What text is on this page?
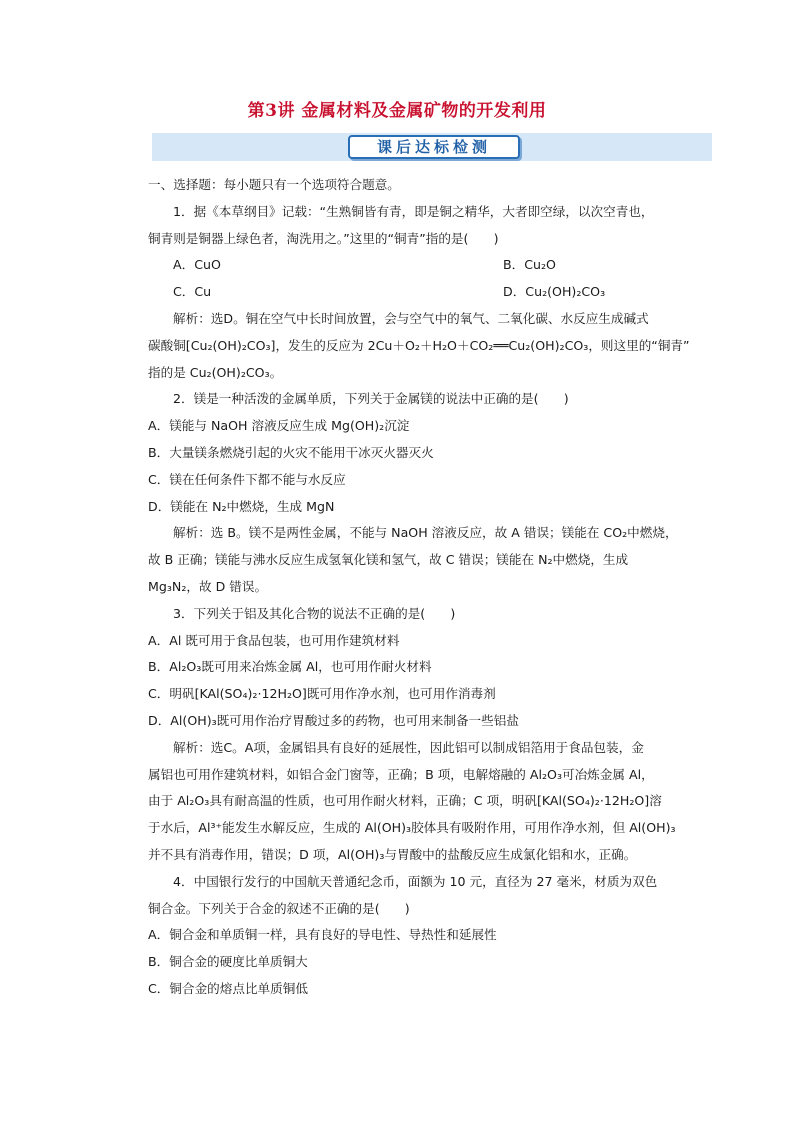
第3讲 金属材料及金属矿物的开发利用
课后达标检测
一、选择题：每小题只有一个选项符合题意。
1．据《本草纲目》记载：“生熟铜皆有青，即是铜之精华，大者即空绿，以次空青也，
铜青则是铜器上绿色者，淘洗用之。”这里的“铜青”指的是(　　)
A．CuO	B．Cu₂O
C．Cu	D．Cu₂(OH)₂CO₃
解析：选D。铜在空气中长时间放置，会与空气中的氧气、二氧化碳、水反应生成碱式
碳酸铜[Cu₂(OH)₂CO₃]，发生的反应为 2Cu＋O₂＋H₂O＋CO₂══Cu₂(OH)₂CO₃，则这里的“铜青”
指的是 Cu₂(OH)₂CO₃。
2．镁是一种活泼的金属单质，下列关于金属镁的说法中正确的是(　　)
A．镁能与 NaOH 溶液反应生成 Mg(OH)₂沉淀
B．大量镁条燃烧引起的火灾不能用干冰灭火器灭火
C．镁在任何条件下都不能与水反应
D．镁能在 N₂中燃烧，生成 MgN
解析：选 B。镁不是两性金属，不能与 NaOH 溶液反应，故 A 错误；镁能在 CO₂中燃烧，
故 B 正确；镁能与沸水反应生成氢氧化镁和氢气，故 C 错误；镁能在 N₂中燃烧，生成
Mg₃N₂，故 D 错误。
3．下列关于铝及其化合物的说法不正确的是(　　)
A．Al 既可用于食品包装，也可用作建筑材料
B．Al₂O₃既可用来冶炼金属 Al，也可用作耐火材料
C．明矾[KAl(SO₄)₂·12H₂O]既可用作净水剂，也可用作消毒剂
D．Al(OH)₃既可用作治疗胃酸过多的药物，也可用来制备一些铝盐
解析：选C。A项，金属铝具有良好的延展性，因此铝可以制成铝箔用于食品包装，金
属铝也可用作建筑材料，如铝合金门窗等，正确；B 项，电解熔融的 Al₂O₃可冶炼金属 Al，
由于 Al₂O₃具有耐高温的性质，也可用作耐火材料，正确；C 项，明矾[KAl(SO₄)₂·12H₂O]溶
于水后，Al³⁺能发生水解反应，生成的 Al(OH)₃胶体具有吸附作用，可用作净水剂，但 Al(OH)₃
并不具有消毒作用，错误；D 项，Al(OH)₃与胃酸中的盐酸反应生成氯化铝和水，正确。
4．中国银行发行的中国航天普通纪念币，面额为 10 元，直径为 27 毫米，材质为双色
铜合金。下列关于合金的叙述不正确的是(　　)
A．铜合金和单质铜一样，具有良好的导电性、导热性和延展性
B．铜合金的硬度比单质铜大
C．铜合金的熔点比单质铜低
